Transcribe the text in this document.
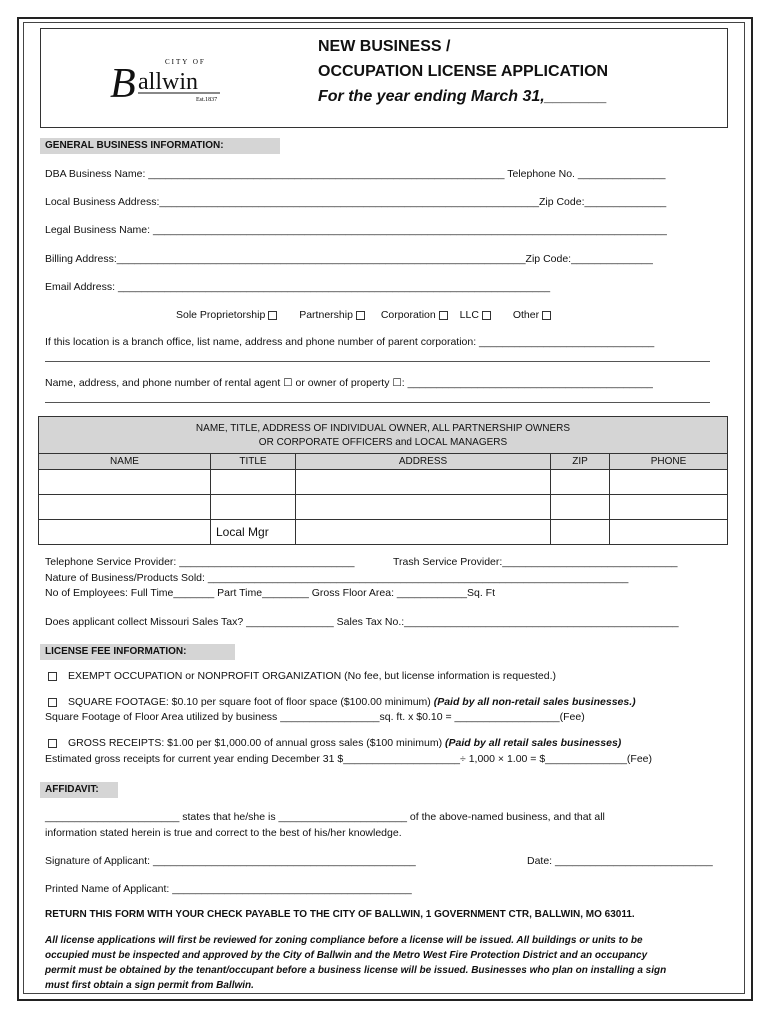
CITY OF
B allwin
Est.1837
NEW BUSINESS /
OCCUPATION LICENSE APPLICATION
For the year ending March 31,_______
GENERAL BUSINESS INFORMATION:
DBA Business Name: _____________________________________________________________ Telephone No. _______________
Local Business Address:_________________________________________________________________Zip Code:______________
Legal Business Name: ________________________________________________________________________________________
Billing Address:______________________________________________________________________Zip Code:______________
Email Address: __________________________________________________________________________
Sole Proprietorship	Partnership	Corporation LLC	Other
If this location is a branch office, list name, address and phone number of parent corporation: ______________________________
Name, address, and phone number of rental agent ☐ or owner of property ☐: __________________________________________
NAME, TITLE, ADDRESS OF INDIVIDUAL OWNER, ALL PARTNERSHIP OWNERS
OR CORPORATE OFFICERS and LOCAL MANAGERS				

NAME	TITLE	ADDRESS	ZIP	PHONE

	Local Mgr			
Telephone Service Provider: ______________________________	Trash Service Provider:______________________________
Nature of Business/Products Sold: ________________________________________________________________________
No of Employees: Full Time_______ Part Time________ Gross Floor Area: ____________Sq. Ft
Does applicant collect Missouri Sales Tax? _______________ Sales Tax No.:_______________________________________________
LICENSE FEE INFORMATION:
EXEMPT OCCUPATION or NONPROFIT ORGANIZATION (No fee, but license information is requested.)
SQUARE FOOTAGE: $0.10 per square foot of floor space ($100.00 minimum) (Paid by all non-retail sales businesses.)
Square Footage of Floor Area utilized by business _________________sq. ft. x $0.10 = __________________(Fee)
GROSS RECEIPTS: $1.00 per $1,000.00 of annual gross sales ($100 minimum) (Paid by all retail sales businesses)
Estimated gross receipts for current year ending December 31 $____________________÷ 1,000 × 1.00 = $______________(Fee)
AFFIDAVIT:
_______________________ states that he/she is ______________________ of the above-named business, and that all
information stated herein is true and correct to the best of his/her knowledge.
Signature of Applicant: _____________________________________________	Date: ___________________________
Printed Name of Applicant: _________________________________________
RETURN THIS FORM WITH YOUR CHECK PAYABLE TO THE CITY OF BALLWIN, 1 GOVERNMENT CTR, BALLWIN, MO 63011.
All license applications will first be reviewed for zoning compliance before a license will be issued. All buildings or units to be
occupied must be inspected and approved by the City of Ballwin and the Metro West Fire Protection District and an occupancy
permit must be obtained by the tenant/occupant before a business license will be issued. Businesses who plan on installing a sign
must first obtain a sign permit from Ballwin.
